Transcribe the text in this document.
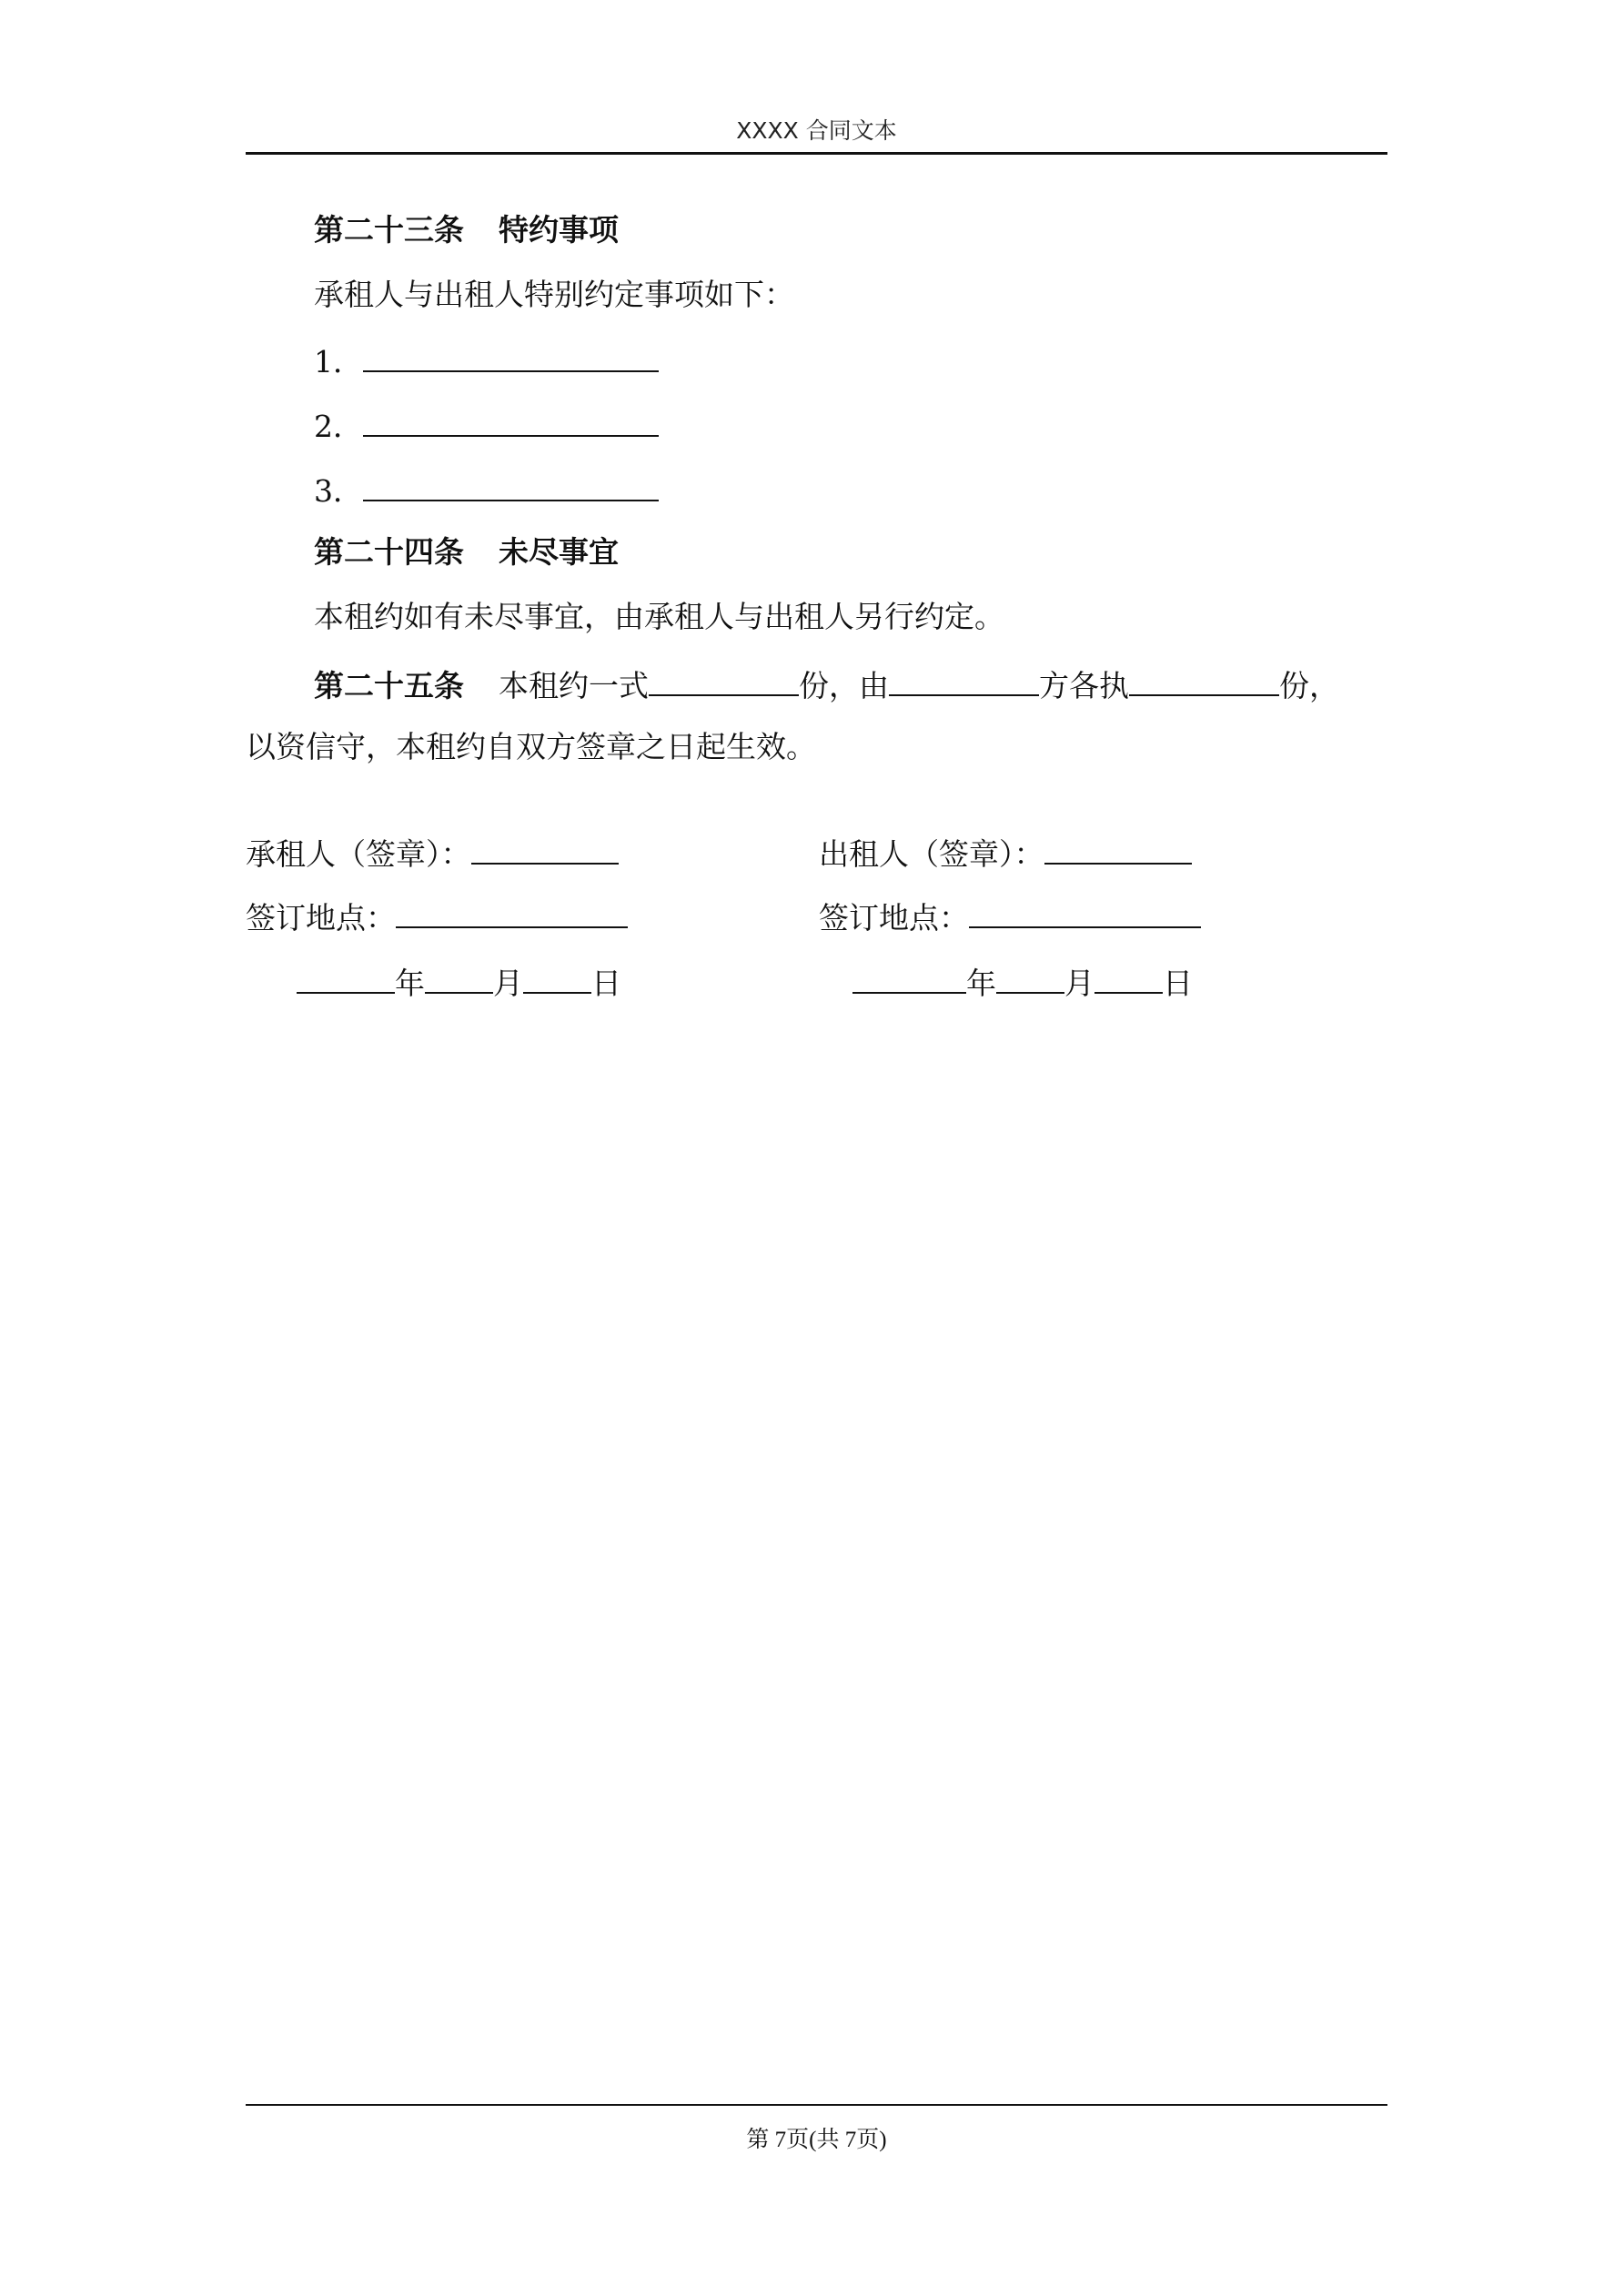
XXXX 合同文本
第二十三条 特约事项
承租人与出租人特别约定事项如下：
1．
2．
3．
第二十四条 未尽事宜
本租约如有未尽事宜，由承租人与出租人另行约定。
第二十五条 本租约一式	份，由	方各执	份，
以资信守，本租约自双方签章之日起生效。
承租人（签章）：
签订地点：
年 月 日
出租人（签章）：
签订地点：
年 月 日
第 7页(共 7页)
